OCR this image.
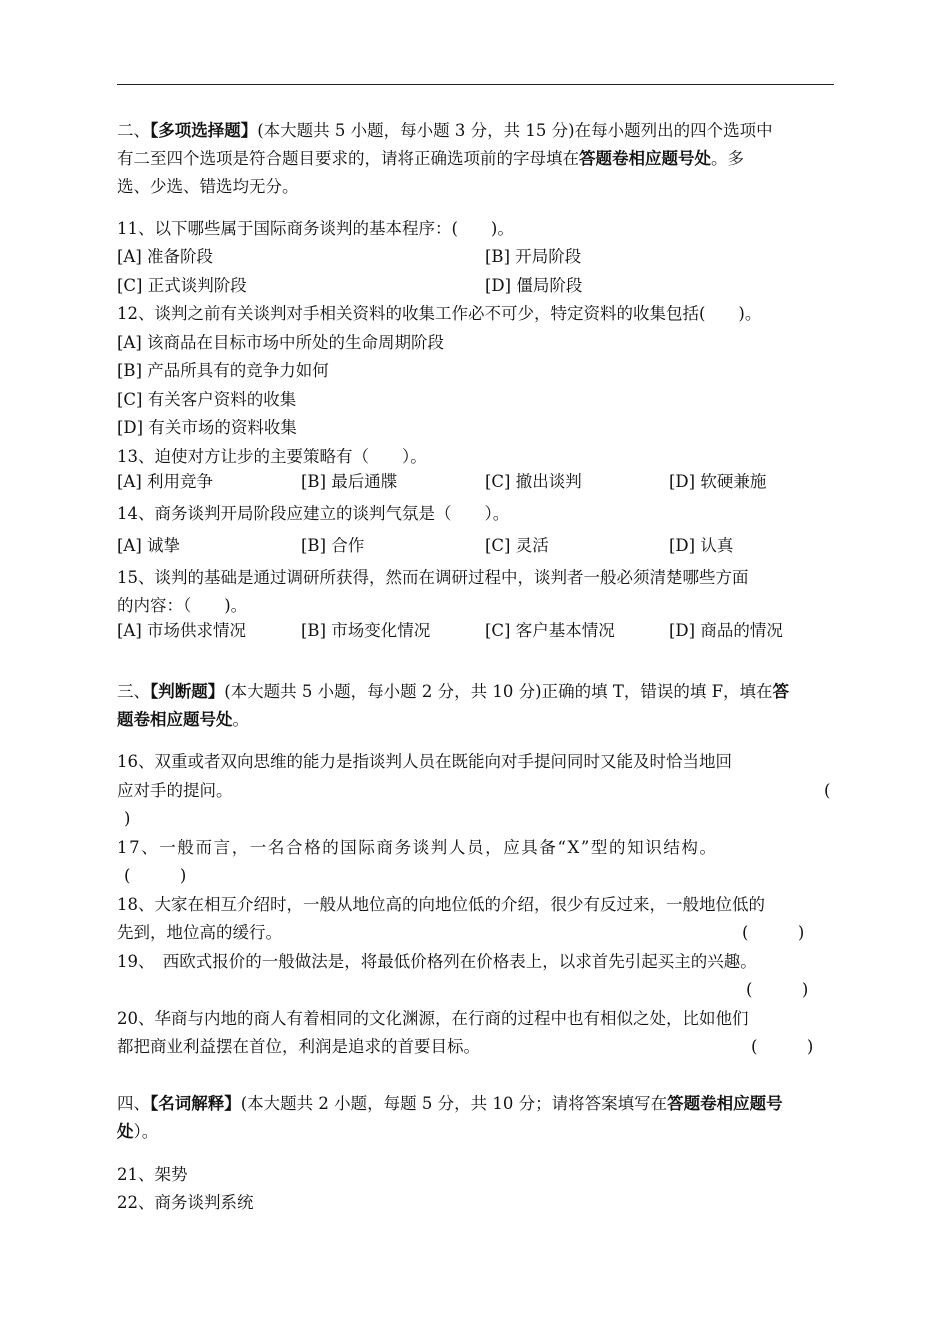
二、【多项选择题】(本大题共 5 小题，每小题 3 分，共 15 分)在每小题列出的四个选项中
有二至四个选项是符合题目要求的，请将正确选项前的字母填在答题卷相应题号处。多
选、少选、错选均无分。
11、以下哪些属于国际商务谈判的基本程序：(　　)。
[A] 准备阶段	[B] 开局阶段
[C] 正式谈判阶段	[D] 僵局阶段
12、谈判之前有关谈判对手相关资料的收集工作必不可少，特定资料的收集包括(　　)。
[A] 该商品在目标市场中所处的生命周期阶段
[B] 产品所具有的竞争力如何
[C] 有关客户资料的收集
[D] 有关市场的资料收集
13、迫使对方让步的主要策略有（　　）。
[A] 利用竞争	[B] 最后通牒	[C] 撤出谈判	[D] 软硬兼施
14、商务谈判开局阶段应建立的谈判气氛是（　　）。
[A] 诚挚	[B] 合作	[C] 灵活	[D] 认真
15、谈判的基础是通过调研所获得，然而在调研过程中，谈判者一般必须清楚哪些方面
的内容：（　　)。
[A] 市场供求情况	[B] 市场变化情况	[C] 客户基本情况	[D] 商品的情况
三、【判断题】(本大题共 5 小题，每小题 2 分，共 10 分)正确的填 T，错误的填 F，填在答
题卷相应题号处。
16、双重或者双向思维的能力是指谈判人员在既能向对手提问同时又能及时恰当地回
应对手的提问。	(
)
17、一般而言，一名合格的国际商务谈判人员，应具备“X”型的知识结构。
(　　　)
18、大家在相互介绍时，一般从地位高的向地位低的介绍，很少有反过来，一般地位低的
先到，地位高的缓行。	(　　　)
19、　西欧式报价的一般做法是，将最低价格列在价格表上，以求首先引起买主的兴趣。
(　　　)
20、华商与内地的商人有着相同的文化渊源，在行商的过程中也有相似之处，比如他们
都把商业利益摆在首位，利润是追求的首要目标。	(　　　)
四、【名词解释】(本大题共 2 小题，每题 5 分，共 10 分；请将答案填写在答题卷相应题号
处）。
21、架势
22、商务谈判系统
